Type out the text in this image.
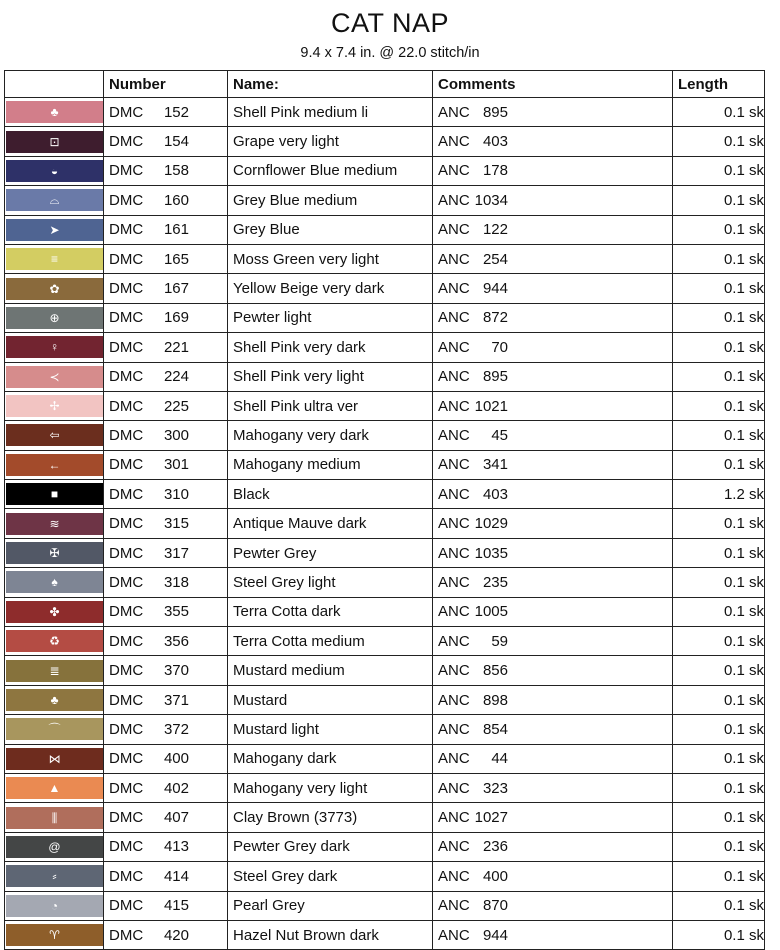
CAT NAP
9.4 x 7.4 in. @ 22.0 stitch/in
	Number	Name:	Comments	Length

♣	DMC 152	Shell Pink medium li	ANC 895	0.1 sk

⊡	DMC 154	Grape very light	ANC 403	0.1 sk

◒	DMC 158	Cornflower Blue medium	ANC 178	0.1 sk

⌓	DMC 160	Grey Blue medium	ANC 1034	0.1 sk

➤	DMC 161	Grey Blue	ANC 122	0.1 sk

≡	DMC 165	Moss Green very light	ANC 254	0.1 sk

✿	DMC 167	Yellow Beige very dark	ANC 944	0.1 sk

⊕	DMC 169	Pewter light	ANC 872	0.1 sk

♀	DMC 221	Shell Pink very dark	ANC 70	0.1 sk

≺	DMC 224	Shell Pink very light	ANC 895	0.1 sk

✢	DMC 225	Shell Pink ultra ver	ANC 1021	0.1 sk

⇦	DMC 300	Mahogany very dark	ANC 45	0.1 sk

←	DMC 301	Mahogany medium	ANC 341	0.1 sk

■	DMC 310	Black	ANC 403	1.2 sk

≋	DMC 315	Antique Mauve dark	ANC 1029	0.1 sk

✠	DMC 317	Pewter Grey	ANC 1035	0.1 sk

♠	DMC 318	Steel Grey light	ANC 235	0.1 sk

✤	DMC 355	Terra Cotta dark	ANC 1005	0.1 sk

♻	DMC 356	Terra Cotta medium	ANC 59	0.1 sk

≣	DMC 370	Mustard medium	ANC 856	0.1 sk

♣	DMC 371	Mustard	ANC 898	0.1 sk

⌒	DMC 372	Mustard light	ANC 854	0.1 sk

⋈	DMC 400	Mahogany dark	ANC 44	0.1 sk

▲	DMC 402	Mahogany very light	ANC 323	0.1 sk

⫼	DMC 407	Clay Brown (3773)	ANC 1027	0.1 sk

@	DMC 413	Pewter Grey dark	ANC 236	0.1 sk

⸗	DMC 414	Steel Grey dark	ANC 400	0.1 sk

◔	DMC 415	Pearl Grey	ANC 870	0.1 sk

♈	DMC 420	Hazel Nut Brown dark	ANC 944	0.1 sk
